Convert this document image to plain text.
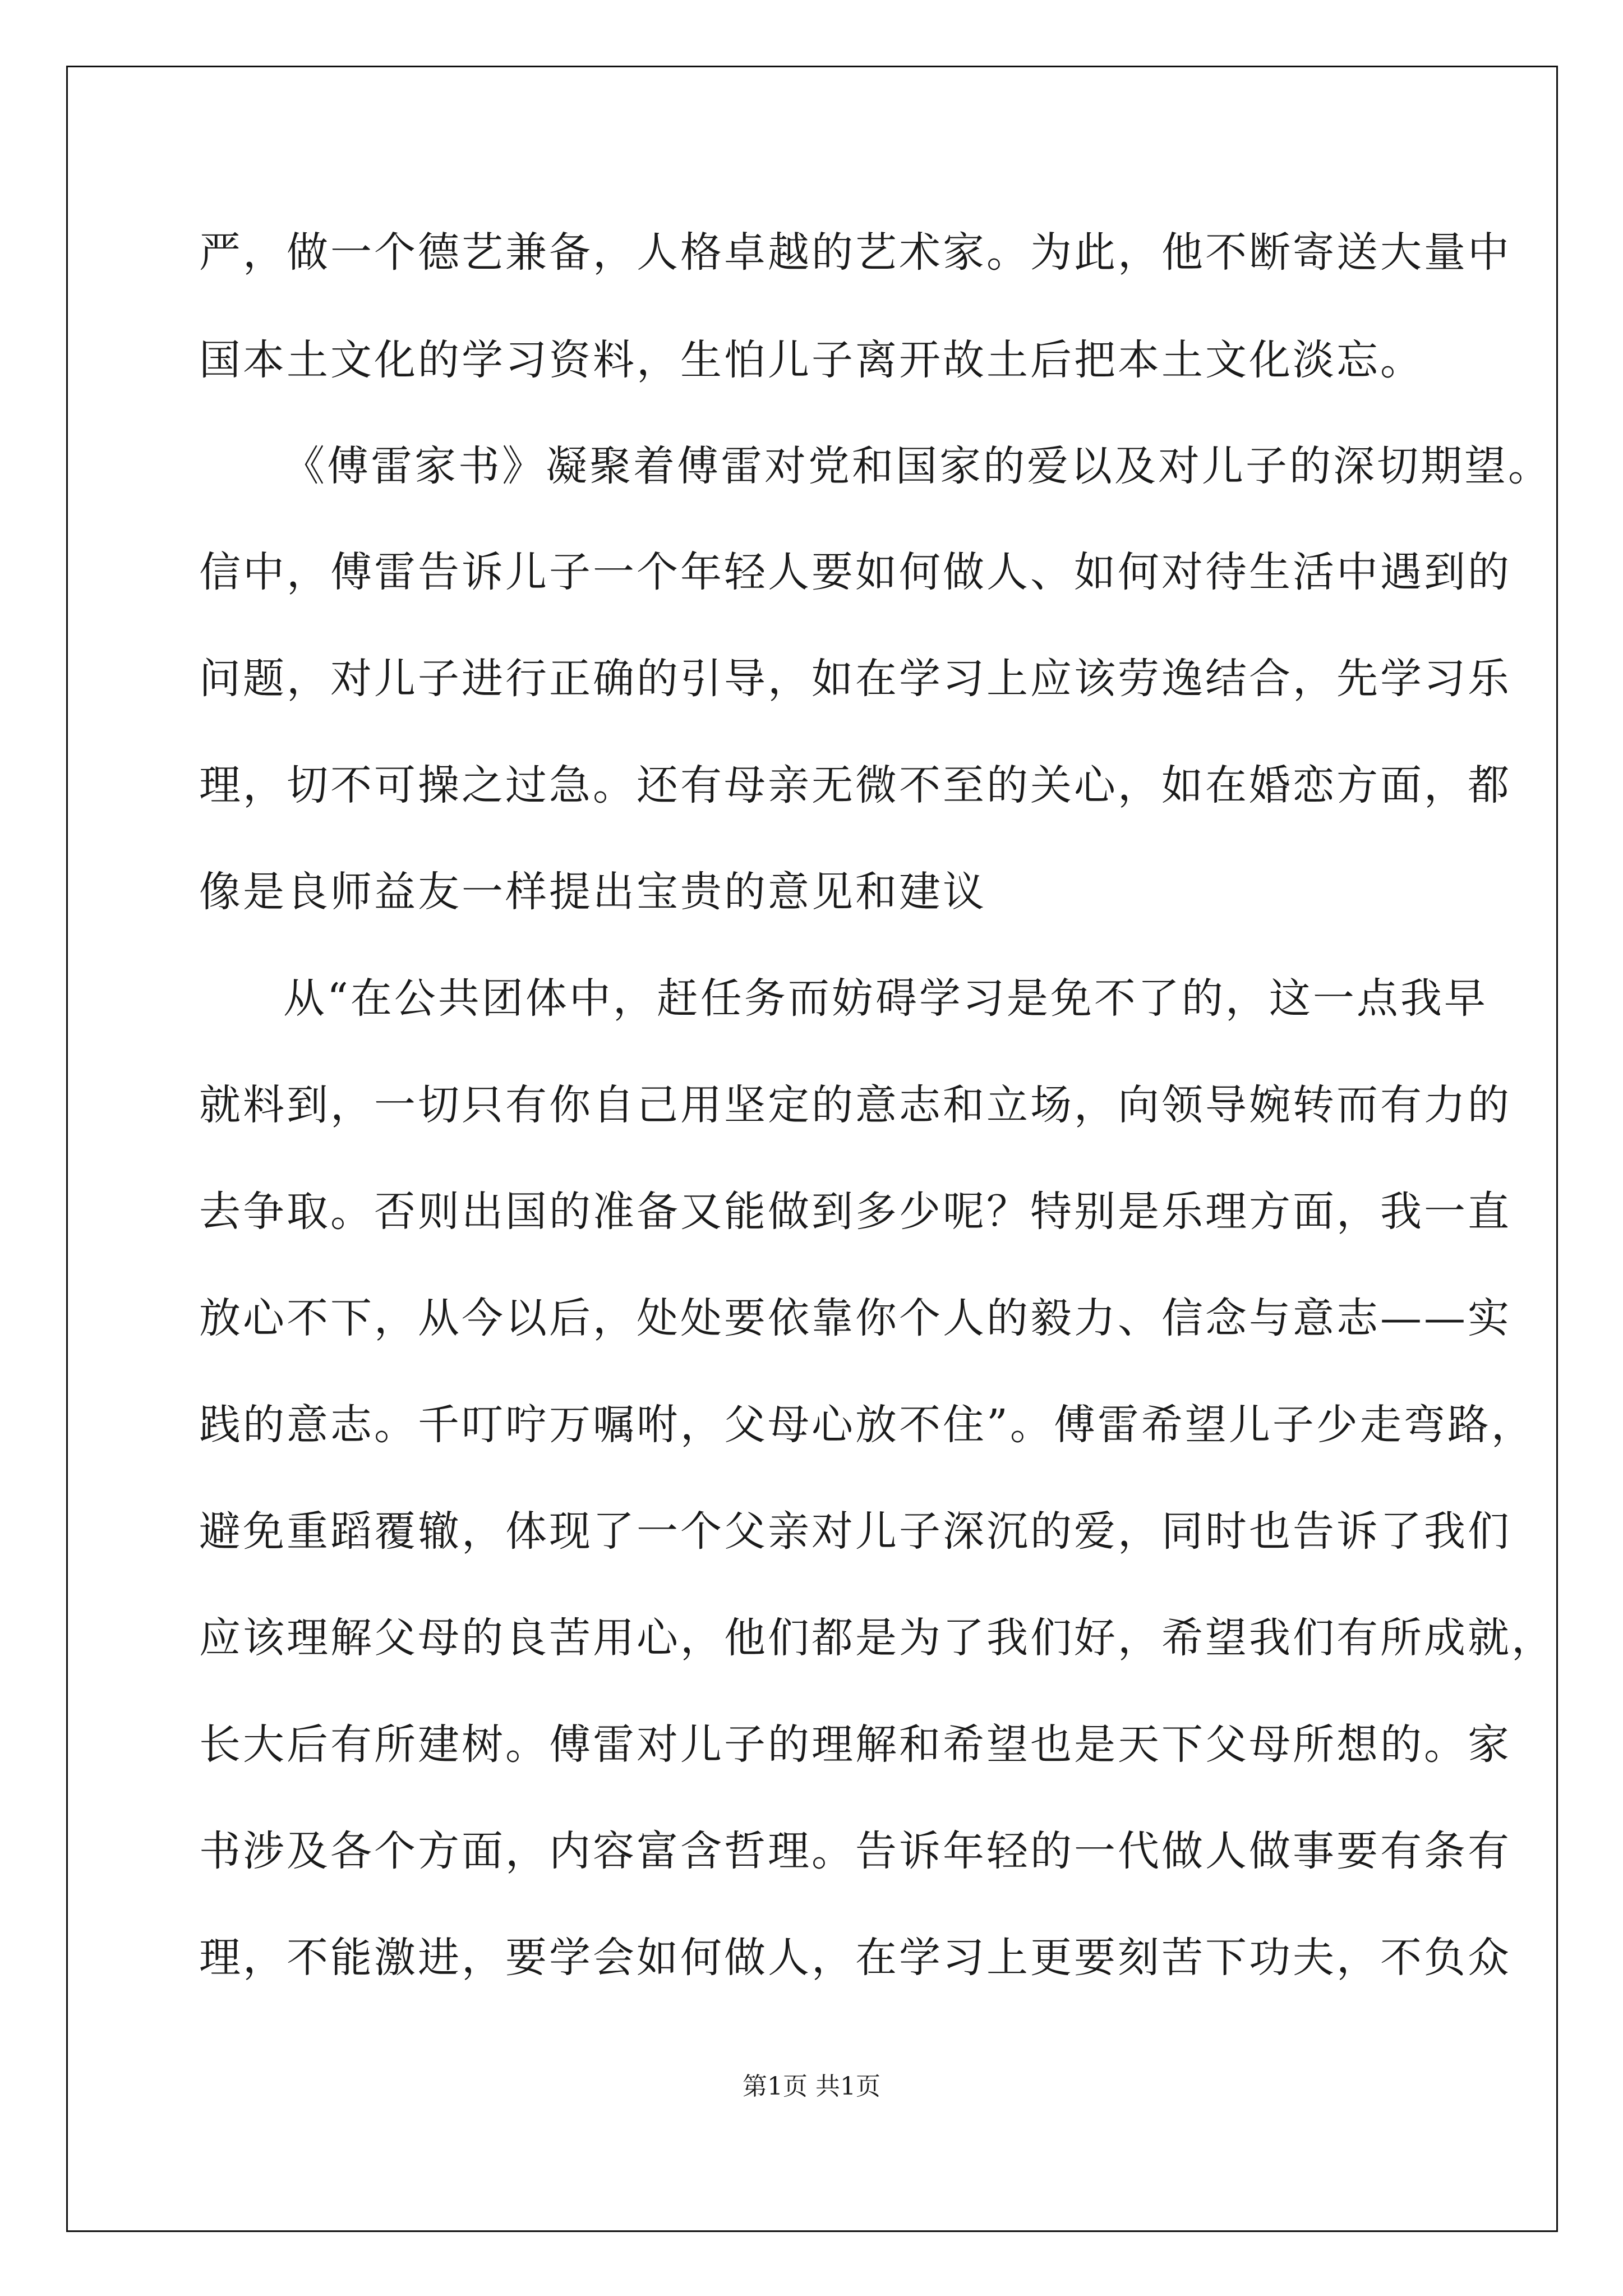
严，做一个德艺兼备，人格卓越的艺术家。为此，他不断寄送大量中
国本土文化的学习资料，生怕儿子离开故土后把本土文化淡忘。
《傅雷家书》凝聚着傅雷对党和国家的爱以及对儿子的深切期望。
信中，傅雷告诉儿子一个年轻人要如何做人、如何对待生活中遇到的
问题，对儿子进行正确的引导，如在学习上应该劳逸结合，先学习乐
理，切不可操之过急。还有母亲无微不至的关心，如在婚恋方面，都
像是良师益友一样提出宝贵的意见和建议
从“在公共团体中，赶任务而妨碍学习是免不了的，这一点我早
就料到，一切只有你自己用坚定的意志和立场，向领导婉转而有力的
去争取。否则出国的准备又能做到多少呢？特别是乐理方面，我一直
放心不下，从今以后，处处要依靠你个人的毅力、信念与意志——实
践的意志。千叮咛万嘱咐，父母心放不住”。傅雷希望儿子少走弯路，
避免重蹈覆辙，体现了一个父亲对儿子深沉的爱，同时也告诉了我们
应该理解父母的良苦用心，他们都是为了我们好，希望我们有所成就，
长大后有所建树。傅雷对儿子的理解和希望也是天下父母所想的。家
书涉及各个方面，内容富含哲理。告诉年轻的一代做人做事要有条有
理，不能激进，要学会如何做人，在学习上更要刻苦下功夫，不负众
第1页 共1页
